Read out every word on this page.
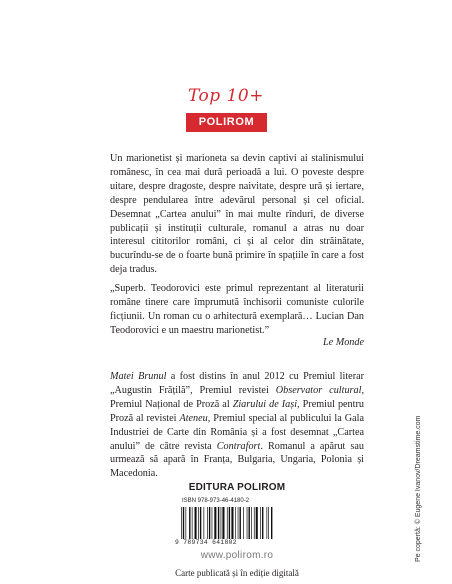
Top 10+
POLIROM

Un marionetist și marioneta sa devin captivi ai stalinismului românesc, în cea mai dură perioadă a lui. O poveste despre uitare, despre dragoste, despre naivitate, despre ură și iertare, despre pendularea între adevărul personal și cel oficial. Desemnat „Cartea anului” în mai multe rînduri, de diverse publicații și instituții culturale, romanul a atras nu doar interesul cititorilor români, ci și al celor din străinătate, bucurîndu-se de o foarte bună primire în spațiile în care a fost deja tradus.

„Superb. Teodorovici este primul reprezentant al literaturii române tinere care împrumută închisorii comuniste culorile ficțiunii. Un roman cu o arhitectură exemplară… Lucian Dan Teodorovici e un maestru marionetist.”

Le Monde

Matei Brunul a fost distins în anul 2012 cu Premiul literar „Augustin Frățilă”, Premiul revistei Observator cultural, Premiul Național de Proză al Ziarului de Iași, Premiul pentru Proză al revistei Ateneu, Premiul special al publicului la Gala Industriei de Carte din România și a fost desemnat „Cartea anului” de către revista Contrafort. Romanul a apărut sau urmează să apară în Franța, Bulgaria, Ungaria, Polonia și Macedonia.

EDITURA POLIROM
ISBN 978-973-46-4180-2
9 789734 641802
www.polirom.ro
Carte publicată și în ediție digitală
Pe copertă: © Eugene Ivanov/Dreamstime.com
